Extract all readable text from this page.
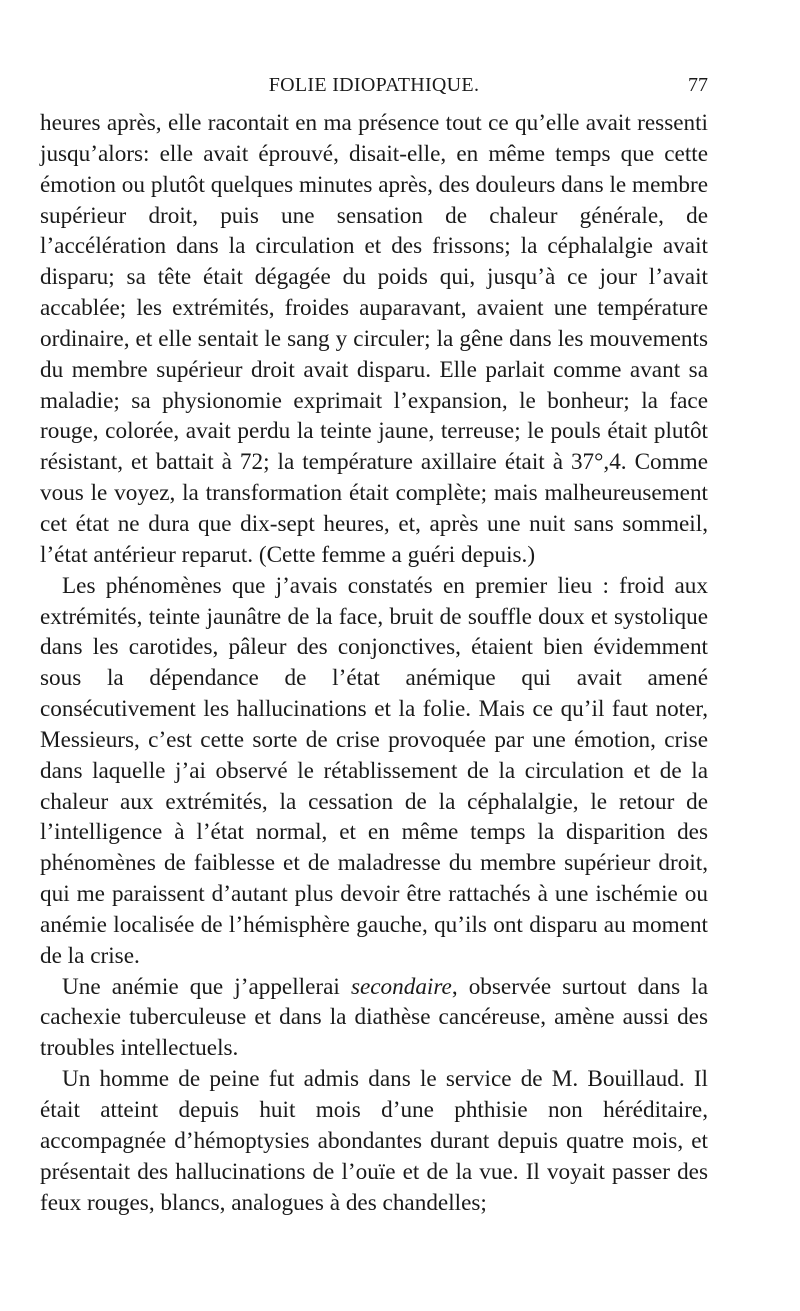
FOLIE IDIOPATHIQUE.	77

heures après, elle racontait en ma présence tout ce qu’elle avait ressenti jusqu’alors: elle avait éprouvé, disait-elle, en même temps que cette émotion ou plutôt quelques minutes après, des douleurs dans le membre supérieur droit, puis une sensation de chaleur générale, de l’accélération dans la circulation et des frissons; la céphalalgie avait disparu; sa tête était dégagée du poids qui, jusqu’à ce jour l’avait accablée; les extrémités, froides auparavant, avaient une température ordinaire, et elle sentait le sang y circuler; la gêne dans les mouvements du membre supérieur droit avait disparu. Elle parlait comme avant sa maladie; sa physionomie exprimait l’expansion, le bonheur; la face rouge, colorée, avait perdu la teinte jaune, terreuse; le pouls était plutôt résistant, et battait à 72; la température axillaire était à 37°,4. Comme vous le voyez, la transformation était complète; mais malheureusement cet état ne dura que dix-sept heures, et, après une nuit sans sommeil, l’état antérieur reparut. (Cette femme a guéri depuis.)

Les phénomènes que j’avais constatés en premier lieu : froid aux extrémités, teinte jaunâtre de la face, bruit de souffle doux et systolique dans les carotides, pâleur des conjonctives, étaient bien évidemment sous la dépendance de l’état anémique qui avait amené consécutivement les hallucinations et la folie. Mais ce qu’il faut noter, Messieurs, c’est cette sorte de crise provoquée par une émotion, crise dans laquelle j’ai observé le rétablissement de la circulation et de la chaleur aux extrémités, la cessation de la céphalalgie, le retour de l’intelligence à l’état normal, et en même temps la disparition des phénomènes de faiblesse et de maladresse du membre supérieur droit, qui me paraissent d’autant plus devoir être rattachés à une ischémie ou anémie localisée de l’hémisphère gauche, qu’ils ont disparu au moment de la crise.

Une anémie que j’appellerai secondaire, observée surtout dans la cachexie tuberculeuse et dans la diathèse cancéreuse, amène aussi des troubles intellectuels.

Un homme de peine fut admis dans le service de M. Bouillaud. Il était atteint depuis huit mois d’une phthisie non héréditaire, accompagnée d’hémoptysies abondantes durant depuis quatre mois, et présentait des hallucinations de l’ouïe et de la vue. Il voyait passer des feux rouges, blancs, analogues à des chandelles;
